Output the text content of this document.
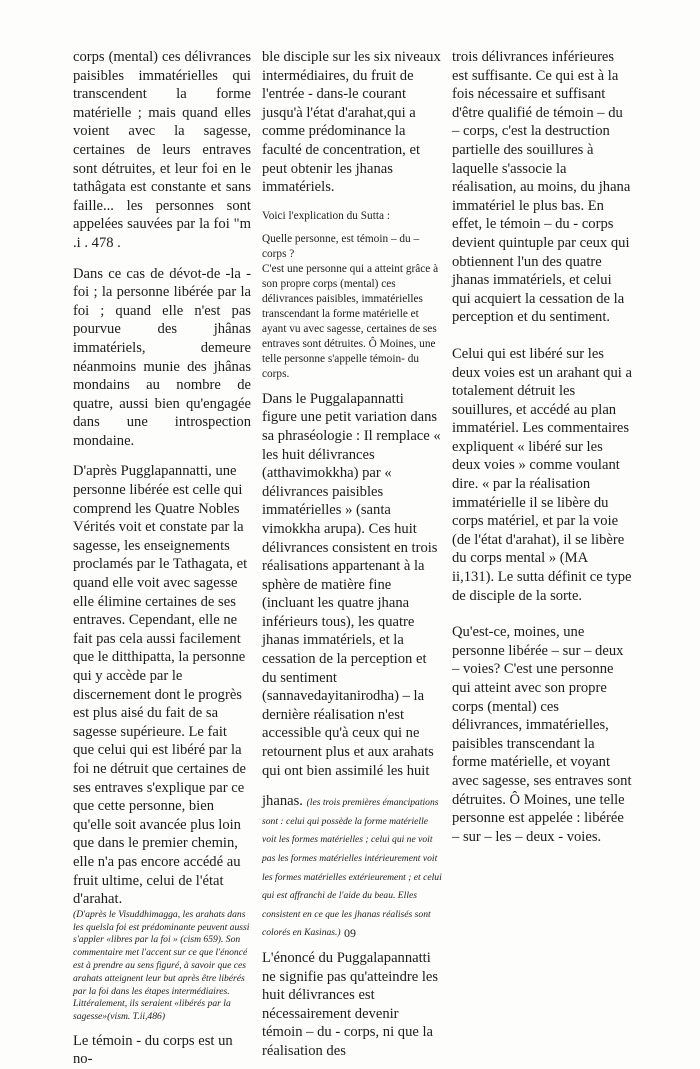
corps (mental) ces délivrances paisibles immatérielles qui transcendent la forme matérielle ; mais quand elles voient avec la sagesse, certaines de leurs entraves sont détruites, et leur foi en le tathâgata est constante et sans faille... les personnes sont appelées sauvées par la foi "m .i . 478 .

Dans ce cas de dévot-de -la -foi ; la personne libérée par la foi ; quand elle n'est pas pourvue des jhânas immatériels, demeure néanmoins munie des jhânas mondains au nombre de quatre, aussi bien qu'engagée dans une introspection mondaine.

D'après Pugglapannatti, une personne libérée est celle qui comprend les Quatre Nobles Vérités voit et constate par la sagesse, les enseignements proclamés par le Tathagata, et quand elle voit avec sagesse elle élimine certaines de ses entraves. Cependant, elle ne fait pas cela aussi facilement que le ditthipatta, la personne qui y accède par le discernement dont le progrès est plus aisé du fait de sa sagesse supérieure. Le fait que celui qui est libéré par la foi ne détruit que certaines de ses entraves s'explique par ce que cette personne, bien qu'elle soit avancée plus loin que dans le premier chemin, elle n'a pas encore accédé au fruit ultime, celui de l'état d'arahat.

(D'après le Visuddhimagga, les arahats dans les quelsla foi est prédominante peuvent aussi s'appler «libres par la foi » (cism 659). Son commentaire met l'accent sur ce que l'énoncé est à prendre au sens figuré, à savoir que ces arahats atteignent leur but après être libérés par la foi dans les étapes intermédiaires. Littéralement, ils seraient «libérés par la sagesse»(vism. T.ii,486)

Le témoin - du corps est un no-

ble disciple sur les six niveaux intermédiaires, du fruit de l'entrée - dans-le courant jusqu'à l'état d'arahat,qui a comme prédominance la faculté de concentration, et peut obtenir les jhanas immatériels.

Voici l'explication du Sutta :

Quelle personne, est témoin – du – corps ?

C'est une personne qui a atteint grâce à son propre corps (mental) ces délivrances paisibles, immatérielles transcendant la forme matérielle et ayant vu avec sagesse, certaines de ses entraves sont détruites. Ô Moines, une telle personne s'appelle témoin- du corps.

Dans le Puggalapannatti figure une petit variation dans sa phraséologie : Il remplace « les huit délivrances (atthavimokkha) par « délivrances paisibles immatérielles » (santa vimokkha arupa). Ces huit délivrances consistent en trois réalisations appartenant à la sphère de matière fine (incluant les quatre jhana inférieurs tous), les quatre jhanas immatériels, et la cessation de la perception et du sentiment (sannavedayitanirodha) – la dernière réalisation n'est accessible qu'à ceux qui ne retournent plus et aux arahats qui ont bien assimilé les huit

jhanas. (les trois premières émancipations sont : celui qui possède la forme matérielle voit les formes matérielles ; celui qui ne voit pas les formes matérielles intérieurement voit les formes matérielles extérieurement ; et celui qui est affranchi de l'aide du beau. Elles consistent en ce que les jhanas réalisés sont colorés en Kasinas.)

L'énoncé du Puggalapannatti ne signifie pas qu'atteindre les huit délivrances est nécessairement devenir témoin – du - corps, ni que la réalisation des

trois délivrances inférieures est suffisante. Ce qui est à la fois nécessaire et suffisant d'être qualifié de témoin – du – corps, c'est la destruction partielle des souillures à laquelle s'associe la réalisation, au moins, du jhana immatériel le plus bas. En effet, le témoin – du - corps devient quintuple par ceux qui obtiennent l'un des quatre jhanas immatériels, et celui qui acquiert la cessation de la perception et du sentiment.

Celui qui est libéré sur les deux voies est un arahant qui a totalement détruit les souillures, et accédé au plan immatériel. Les commentaires expliquent « libéré sur les deux voies » comme voulant dire. « par la réalisation immatérielle il se libère du corps matériel, et par la voie (de l'état d'arahat), il se libère du corps mental » (MA ii,131). Le sutta définit ce type de disciple de la sorte.

Qu'est-ce, moines, une personne libérée – sur – deux – voies? C'est une personne qui atteint avec son propre corps (mental) ces délivrances, immatérielles, paisibles transcendant la forme matérielle, et voyant avec sagesse, ses entraves sont détruites. Ô Moines, une telle personne est appelée : libérée – sur – les – deux - voies.

09
